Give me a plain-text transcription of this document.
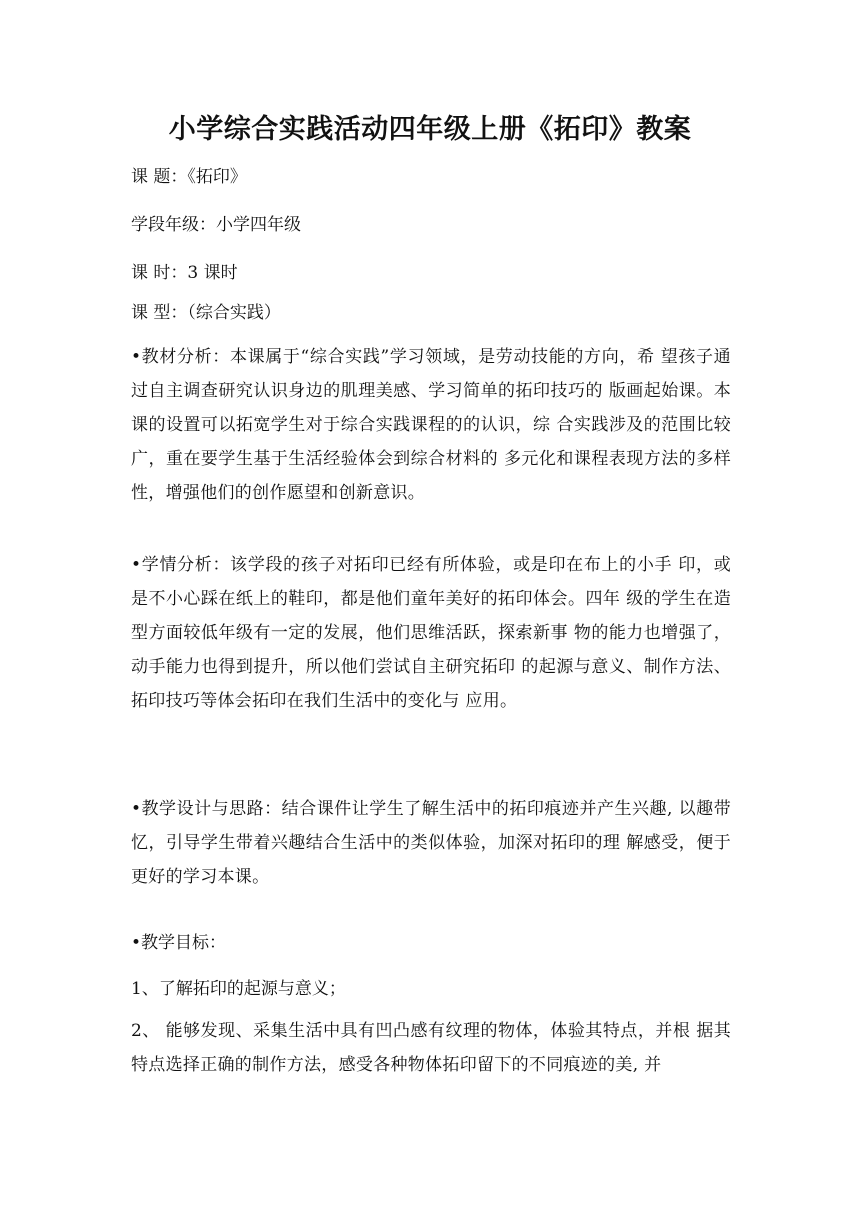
小学综合实践活动四年级上册《拓印》教案

课 题：《拓印》

学段年级：小学四年级

课 时：3 课时

课 型：（综合实践）

•教材分析：本课属于“综合实践”学习领域，是劳动技能的方向，希 望孩子通过自主调查研究认识身边的肌理美感、学习简单的拓印技巧的 版画起始课。本课的设置可以拓宽学生对于综合实践课程的的认识，综 合实践涉及的范围比较广，重在要学生基于生活经验体会到综合材料的 多元化和课程表现方法的多样性，增强他们的创作愿望和创新意识。

•学情分析：该学段的孩子对拓印已经有所体验，或是印在布上的小手 印，或是不小心踩在纸上的鞋印，都是他们童年美好的拓印体会。四年 级的学生在造型方面较低年级有一定的发展，他们思维活跃，探索新事 物的能力也增强了，动手能力也得到提升，所以他们尝试自主研究拓印 的起源与意义、制作方法、拓印技巧等体会拓印在我们生活中的变化与 应用。

•教学设计与思路：结合课件让学生了解生活中的拓印痕迹并产生兴趣, 以趣带忆，引导学生带着兴趣结合生活中的类似体验，加深对拓印的理 解感受，便于更好的学习本课。

•教学目标：

1、了解拓印的起源与意义；

2、 能够发现、采集生活中具有凹凸感有纹理的物体，体验其特点，并根 据其特点选择正确的制作方法，感受各种物体拓印留下的不同痕迹的美, 并
